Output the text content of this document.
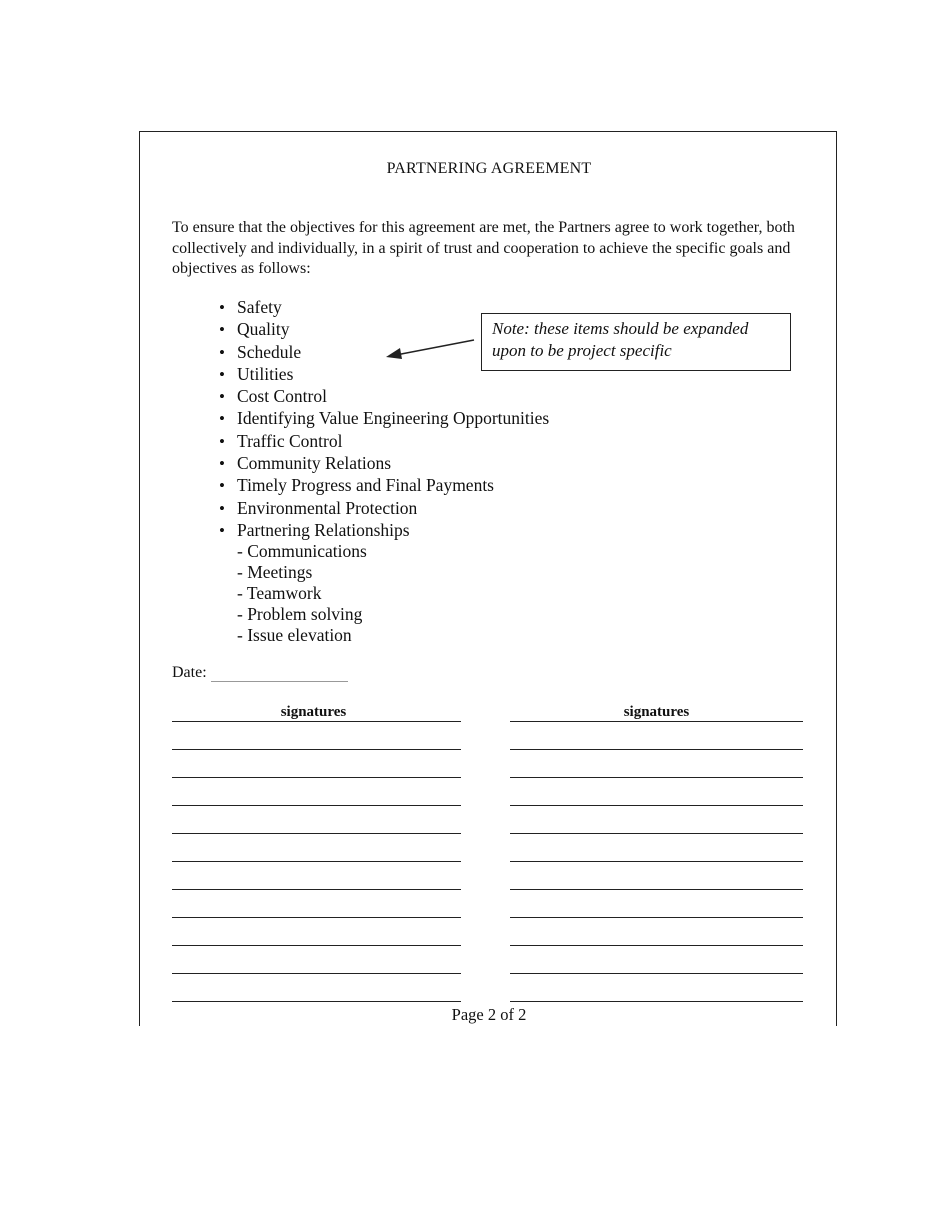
PARTNERING AGREEMENT

To ensure that the objectives for this agreement are met, the Partners agree to work together, both collectively and individually, in a spirit of trust and cooperation to achieve the specific goals and objectives as follows:

• Safety
• Quality
• Schedule
• Utilities
• Cost Control
• Identifying Value Engineering Opportunities
• Traffic Control
• Community Relations
• Timely Progress and Final Payments
• Environmental Protection
• Partnering Relationships
- Communications
- Meetings
- Teamwork
- Problem solving
- Issue elevation
Note: these items should be expanded upon to be project specific
Date:
signatures	signatures
Page 2 of 2
